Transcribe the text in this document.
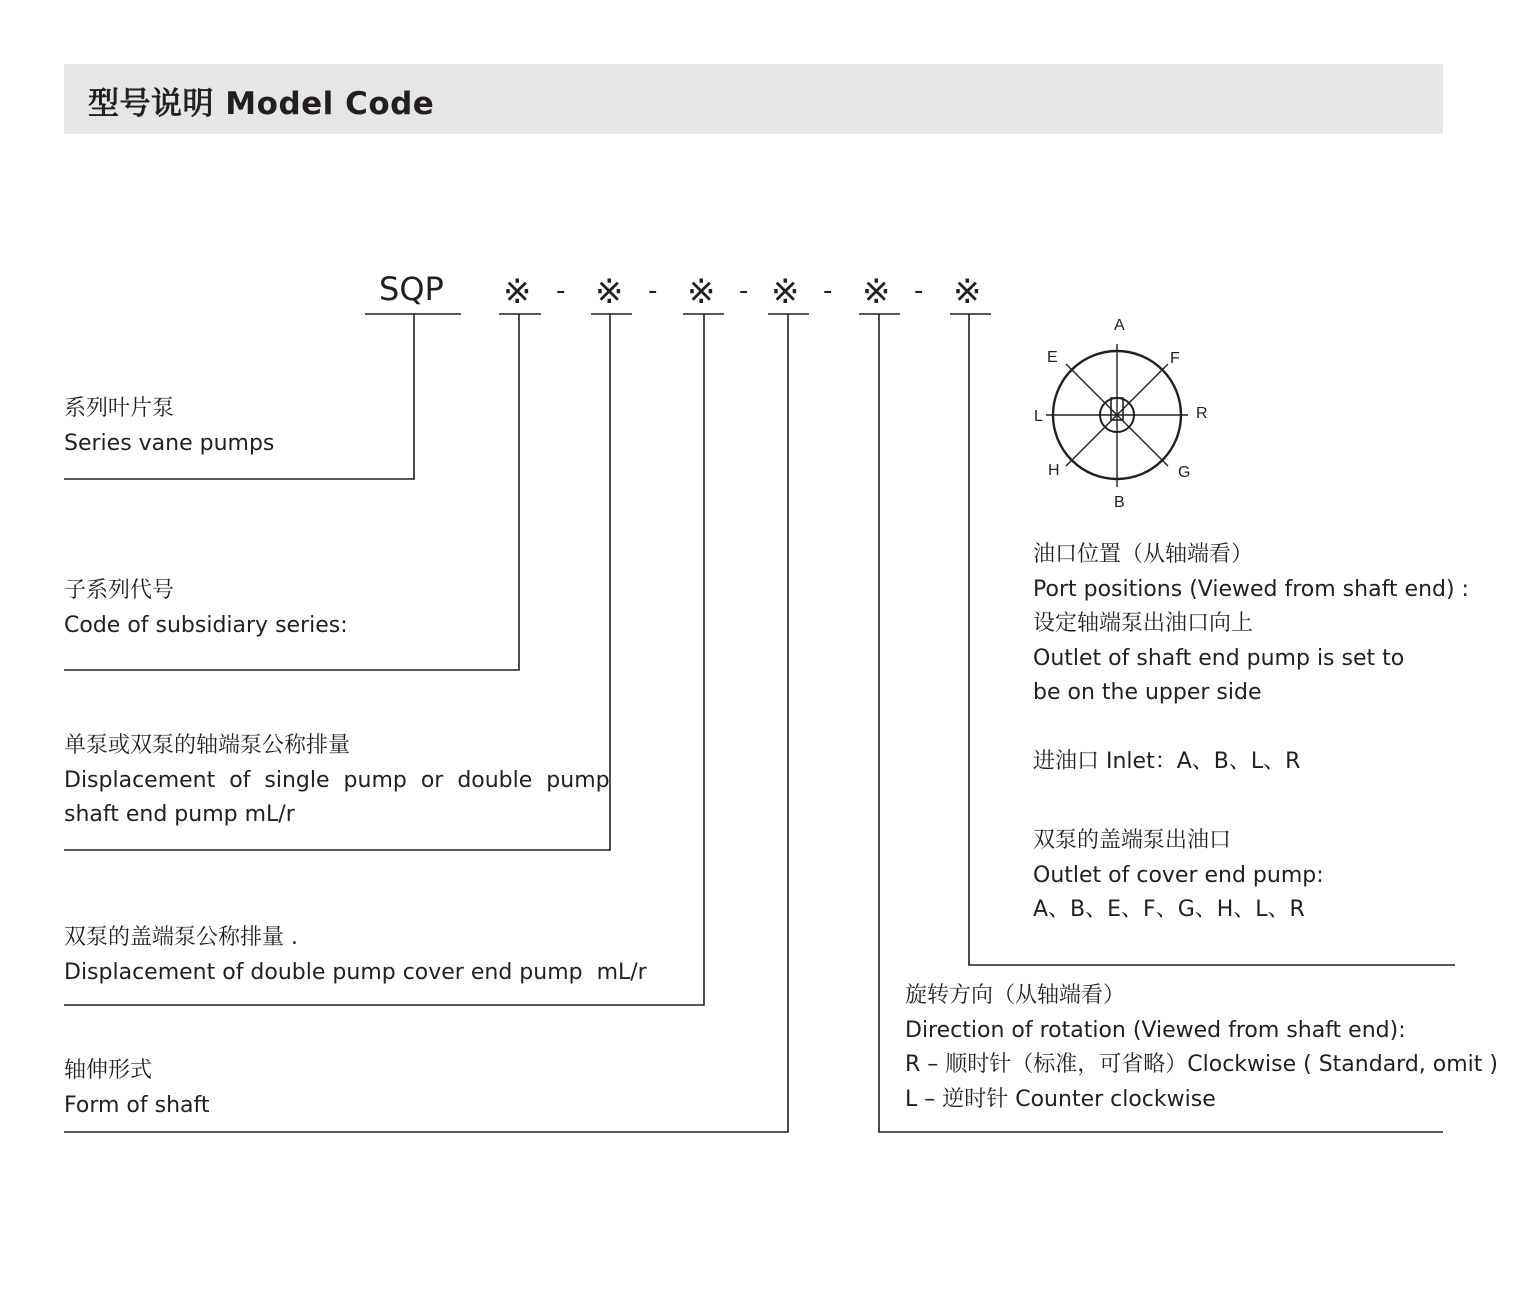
型号说明 Model Code
SQP ※ - ※ - ※ - ※ - ※ - ※
系列叶片泵
Series vane pumps
子系列代号
Code of subsidiary series:
单泵或双泵的轴端泵公称排量
Displacement  of  single  pump  or  double  pump
shaft end pump mL/r
双泵的盖端泵公称排量 .
Displacement of double pump cover end pump  mL/r
轴伸形式
Form of shaft
旋转方向（从轴端看）
Direction of rotation (Viewed from shaft end):
R – 顺时针（标准，可省略）Clockwise ( Standard, omit )
L – 逆时针 Counter clockwise
A
E	F
L	R
H	G
B
油口位置（从轴端看）
Port positions (Viewed from shaft end) :
设定轴端泵出油口向上
Outlet of shaft end pump is set to
be on the upper side
进油口 Inlet：A、B、L、R
双泵的盖端泵出油口
Outlet of cover end pump:
A、B、E、F、G、H、L、R
